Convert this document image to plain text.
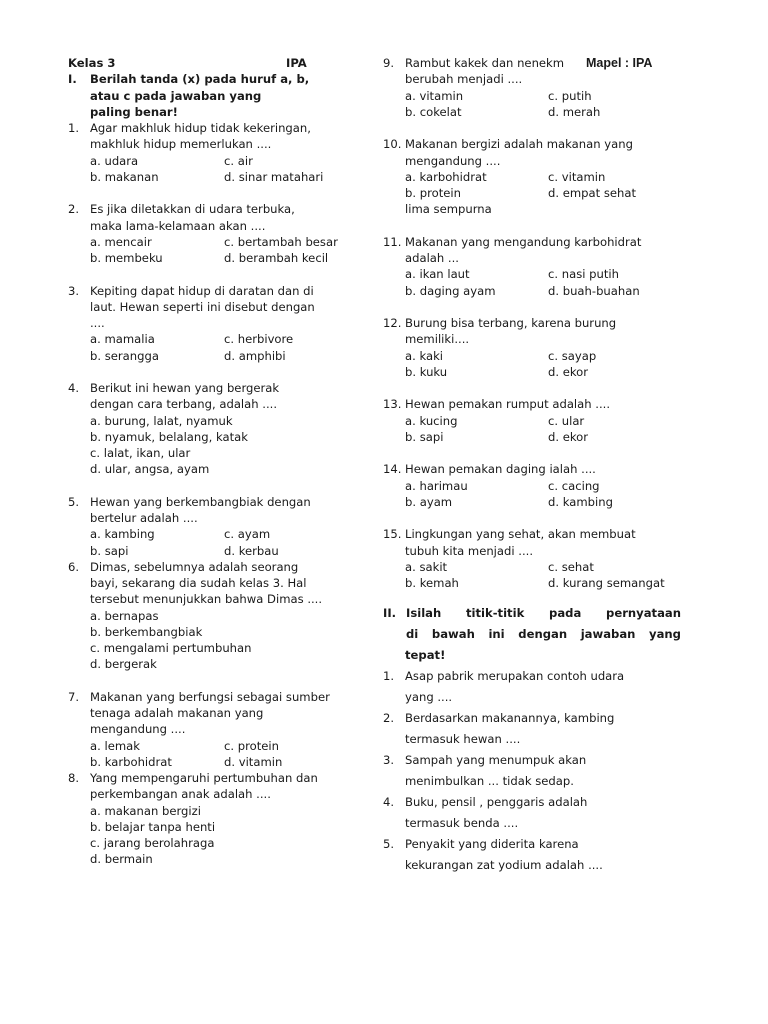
Kelas 3	IPA
I. Berilah tanda (x) pada huruf a, b,
atau c pada jawaban yang
paling benar!
1. Agar makhluk hidup tidak kekeringan,
makhluk hidup memerlukan ....
a. udara	c. air
b. makanan	d. sinar matahari
2. Es jika diletakkan di udara terbuka,
maka lama-kelamaan akan ....
a. mencair	c. bertambah besar
b. membeku	d. berambah kecil
3. Kepiting dapat hidup di daratan dan di
laut. Hewan seperti ini disebut dengan
....
a. mamalia	c. herbivore
b. serangga	d. amphibi
4. Berikut ini hewan yang bergerak
dengan cara terbang, adalah ....
a. burung, lalat, nyamuk
b. nyamuk, belalang, katak
c. lalat, ikan, ular
d. ular, angsa, ayam
5. Hewan yang berkembangbiak dengan
bertelur adalah ....
a. kambing	c. ayam
b. sapi	d. kerbau
6. Dimas, sebelumnya adalah seorang
bayi, sekarang dia sudah kelas 3. Hal
tersebut menunjukkan bahwa Dimas ....
a. bernapas
b. berkembangbiak
c. mengalami pertumbuhan
d. bergerak
7. Makanan yang berfungsi sebagai sumber
tenaga adalah makanan yang
mengandung ....
a. lemak	c. protein
b. karbohidrat	d. vitamin
8. Yang mempengaruhi pertumbuhan dan
perkembangan anak adalah ....
a. makanan bergizi
b. belajar tanpa henti
c. jarang berolahraga
d. bermain
9. Rambut kakek dan nenekm
berubah menjadi ....
a. vitamin	c. putih
b. cokelat	d. merah
10. Makanan bergizi adalah makanan yang
mengandung ....
a. karbohidrat	c. vitamin
b. protein	d. empat sehat
lima sempurna
11. Makanan yang mengandung karbohidrat
adalah ...
a. ikan laut	c. nasi putih
b. daging ayam	d. buah-buahan
12. Burung bisa terbang, karena burung
memiliki....
a. kaki	c. sayap
b. kuku	d. ekor
13. Hewan pemakan rumput adalah ....
a. kucing	c. ular
b. sapi	d. ekor
14. Hewan pemakan daging ialah ....
a. harimau	c. cacing
b. ayam	d. kambing
15. Lingkungan yang sehat, akan membuat
tubuh kita menjadi ....
a. sakit	c. sehat
b. kemah	d. kurang semangat
II. Isilah titik-titik pada pernyataan
di bawah ini dengan jawaban yang
tepat!
1. Asap pabrik merupakan contoh udara
yang ....
2. Berdasarkan makanannya, kambing
termasuk hewan ....
3. Sampah yang menumpuk akan
menimbulkan ... tidak sedap.
4. Buku, pensil , penggaris adalah
termasuk benda ....
5. Penyakit yang diderita karena
kekurangan zat yodium adalah ....
Mapel : IPA
